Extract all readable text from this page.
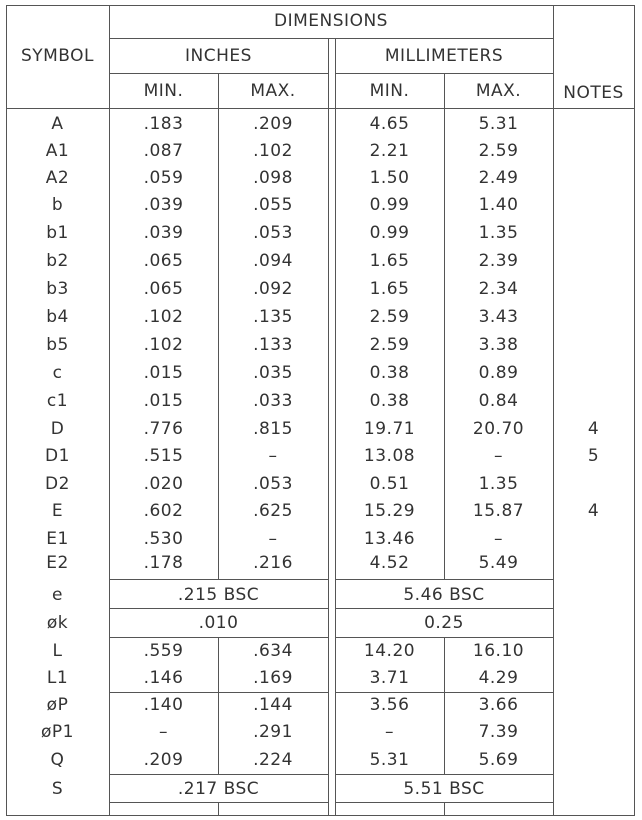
SYMBOL
DIMENSIONS
INCHES	MILLIMETERS
NOTES
MIN.	MAX.	MIN.	MAX.
A	.183	.209	4.65	5.31
A1	.087	.102	2.21	2.59
A2	.059	.098	1.50	2.49
b	.039	.055	0.99	1.40
b1	.039	.053	0.99	1.35
b2	.065	.094	1.65	2.39
b3	.065	.092	1.65	2.34
b4	.102	.135	2.59	3.43
b5	.102	.133	2.59	3.38
c	.015	.035	0.38	0.89
c1	.015	.033	0.38	0.84
D	.776	.815	19.71	20.70	4
D1	.515	–	13.08	–	5
D2	.020	.053	0.51	1.35
E	.602	.625	15.29	15.87	4
E1	.530	–	13.46	–
E2	.178	.216	4.52	5.49
e	.215 BSC	5.46 BSC
øk	.010	0.25
L	.559	.634	14.20	16.10
L1	.146	.169	3.71	4.29
øP	.140	.144	3.56	3.66
øP1	–	.291	–	7.39
Q	.209	.224	5.31	5.69
S	.217 BSC	5.51 BSC
